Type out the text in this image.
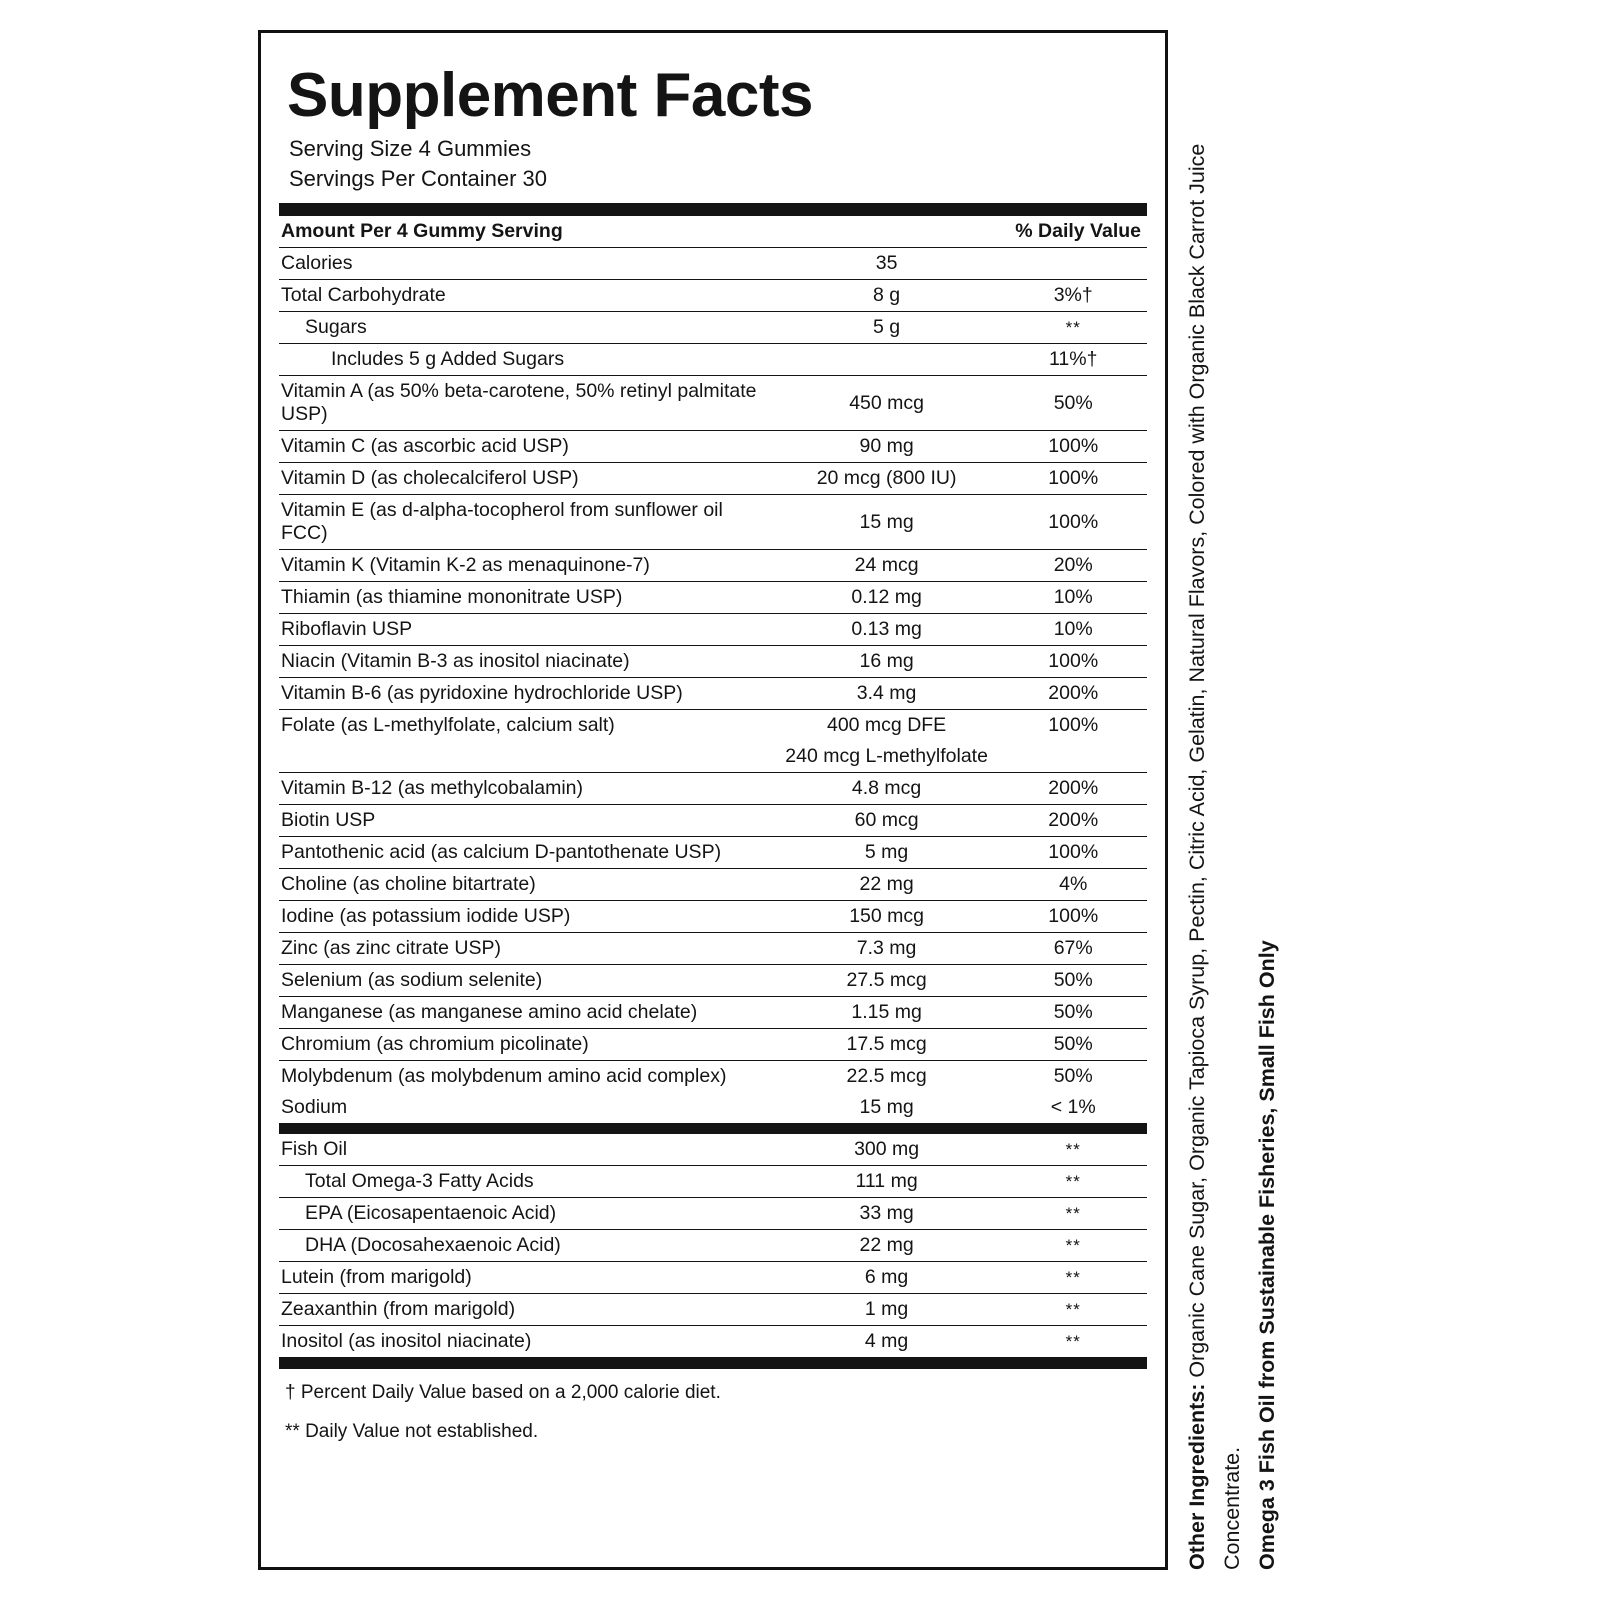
Supplement Facts
Serving Size 4 Gummies
Servings Per Container 30
Amount Per 4 Gummy Serving		% Daily Value
Calories	35	
Total Carbohydrate	8 g	3%†
Sugars	5 g	**
Includes 5 g Added Sugars		11%†
Vitamin A (as 50% beta-carotene, 50% retinyl palmitate USP)	450 mcg	50%
Vitamin C (as ascorbic acid USP)	90 mg	100%
Vitamin D (as cholecalciferol USP)	20 mcg (800 IU)	100%
Vitamin E (as d-alpha-tocopherol from sunflower oil FCC)	15 mg	100%
Vitamin K (Vitamin K-2 as menaquinone-7)	24 mcg	20%
Thiamin (as thiamine mononitrate USP)	0.12 mg	10%
Riboflavin USP	0.13 mg	10%
Niacin (Vitamin B-3 as inositol niacinate)	16 mg	100%
Vitamin B-6 (as pyridoxine hydrochloride USP)	3.4 mg	200%
Folate (as L-methylfolate, calcium salt)	400 mcg DFE	100%
	240 mcg L-methylfolate	
Vitamin B-12 (as methylcobalamin)	4.8 mcg	200%
Biotin USP	60 mcg	200%
Pantothenic acid (as calcium D-pantothenate USP)	5 mg	100%
Choline (as choline bitartrate)	22 mg	4%
Iodine (as potassium iodide USP)	150 mcg	100%
Zinc (as zinc citrate USP)	7.3 mg	67%
Selenium (as sodium selenite)	27.5 mcg	50%
Manganese (as manganese amino acid chelate)	1.15 mg	50%
Chromium (as chromium picolinate)	17.5 mcg	50%
Molybdenum (as molybdenum amino acid complex)	22.5 mcg	50%
Sodium	15 mg	< 1%
Fish Oil	300 mg	**
Total Omega-3 Fatty Acids	111 mg	**
EPA (Eicosapentaenoic Acid)	33 mg	**
DHA (Docosahexaenoic Acid)	22 mg	**
Lutein (from marigold)	6 mg	**
Zeaxanthin (from marigold)	1 mg	**
Inositol (as inositol niacinate)	4 mg	**
† Percent Daily Value based on a 2,000 calorie diet.
** Daily Value not established.	Other Ingredients: Organic Cane Sugar, Organic Tapioca Syrup, Pectin, Citric Acid, Gelatin, Natural Flavors, Colored with Organic Black Carrot Juice Concentrate. Omega 3 Fish Oil from Sustainable Fisheries, Small Fish Only
